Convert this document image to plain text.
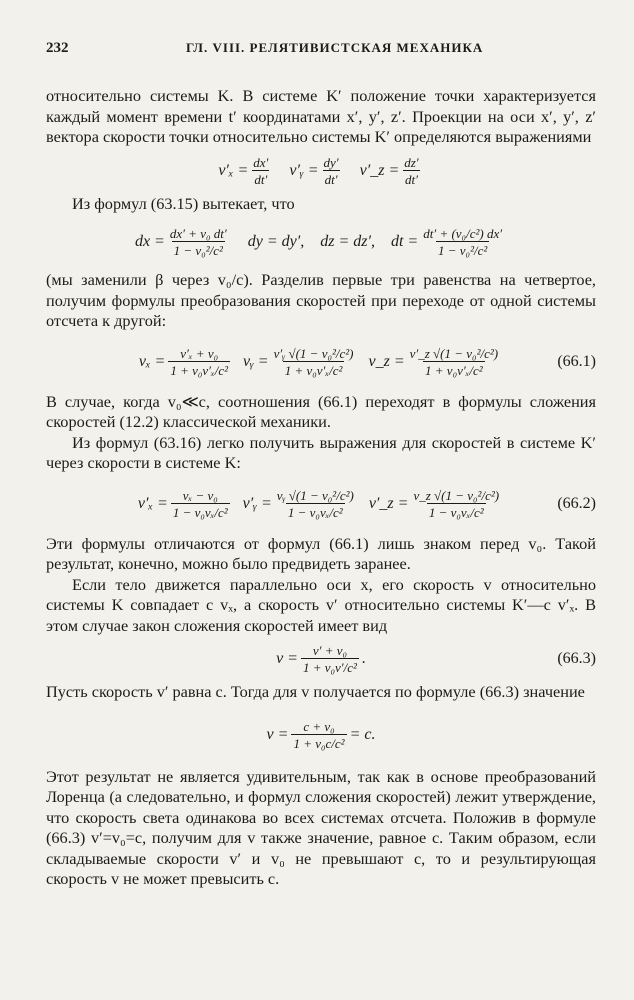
232	ГЛ. VIII. РЕЛЯТИВИСТСКАЯ МЕХАНИКА

относительно системы K. В системе K′ положение точки характеризуется каждый момент времени t′ координатами x′, y′, z′. Проекции на оси x′, y′, z′ вектора скорости точки относительно системы K′ определяются выражениями

$v'_x = \frac{dx'}{dt'}$ v′ᵧ = $\frac{dy'}{dt'}$ v′_z = $\frac{dz'}{dt'}$

Из формул (63.15) вытекает, что

dx = $\frac{\text{dx′ + v₀ dt′}}{\text{1 − v₀²/c²}}$ dy = dy′, dz = dz′, dt = $\frac{\text{dt′ + (v₀/c²) dx′}}{\text{1 − v₀²/c²}}$

(мы заменили β через v₀/c). Разделив первые три равенства на четвертое, получим формулы преобразования скоростей при переходе от одной системы отсчета к другой:

$v_x = \frac{\text{v′ₓ + v₀}}{\text{1 + v₀v′ₓ/c²}}$ vᵧ = $\frac{\text{v′ᵧ √(1 − v₀²/c²)}}{\text{1 + v₀v′ₓ/c²}}$ v_z = $\frac{\text{v′\_z √(1 − v₀²/c²)}}{\text{1 + v₀v′ₓ/c²}}$	(66.1)

В случае, когда v₀≪c, соотношения (66.1) переходят в формулы сложения скоростей (12.2) классической механики.

Из формул (63.16) легко получить выражения для скоростей в системе K′ через скорости в системе K:

$v'_x = \frac{\text{vₓ − v₀}}{\text{1 − v₀vₓ/c²}}$ v′ᵧ = $\frac{\text{vᵧ √(1 − v₀²/c²)}}{\text{1 − v₀vₓ/c²}}$ v′_z = $\frac{\text{v\_z √(1 − v₀²/c²)}}{\text{1 − v₀vₓ/c²}}$	(66.2)

Эти формулы отличаются от формул (66.1) лишь знаком перед v₀. Такой результат, конечно, можно было предвидеть заранее.

Если тело движется параллельно оси x, его скорость v относительно системы K совпадает с vₓ, а скорость v′ относительно системы K′—с v′ₓ. В этом случае закон сложения скоростей имеет вид

$v = \frac{\text{v′ + v₀}}{\text{1 + v₀v′/c²}}$ .	(66.3)

Пусть скорость v′ равна c. Тогда для v получается по формуле (66.3) значение

$v = \frac{\text{c + v₀}}{\text{1 + v₀c/c²}} = c$.

Этот результат не является удивительным, так как в основе преобразований Лоренца (а следовательно, и формул сложения скоростей) лежит утверждение, что скорость света одинакова во всех системах отсчета. Положив в формуле (66.3) v′=v₀=c, получим для v также значение, равное c. Таким образом, если складываемые скорости v′ и v₀ не превышают c, то и результирующая скорость v не может превысить c.
